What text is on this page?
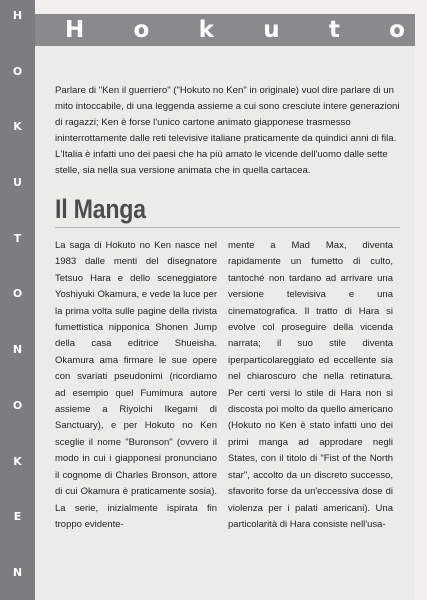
H
O
K
U
T
O
N
O
K
E
N
H o k u t o

Parlare di "Ken il guerriero" ("Hokuto no Ken" in originale) vuol dire parlare di un mito intoccabile, di una leggenda assieme a cui sono cresciute intere generazioni di ragazzi; Ken è forse l'unico cartone animato giapponese trasmesso ininterrottamente dalle reti televisive italiane praticamente da quindici anni di fila. L'Italia è infatti uno dei paesi che ha più amato le vicende dell'uomo dalle sette stelle, sia nella sua versione animata che in quella cartacea.

Il Manga

La saga di Hokuto no Ken nasce nel 1983 dalle menti del disegnatore Tetsuo Hara e dello sceneggiatore Yoshiyuki Okamura, e vede la luce per la prima volta sulle pagine della rivista fumettistica nipponica Shonen Jump della casa editrice Shueisha. Okamura ama firmare le sue opere con svariati pseudonimi (ricordiamo ad esempio quel Fumimura autore assieme a Riyoichi Ikegami di Sanctuary), e per Hokuto no Ken sceglie il nome "Buronson" (ovvero il modo in cui i giapponesi pronunciano il cognome di Charles Bronson, attore di cui Okamura è praticamente sosia). La serie, inizialmente ispirata fin troppo evidente-

mente a Mad Max, diventa rapidamente un fumetto di culto, tantoché non tardano ad arrivare una versione televisiva e una cinematografica. Il tratto di Hara si evolve col proseguire della vicenda narrata; il suo stile diventa iperparticolareggiato ed eccellente sia nel chiaroscuro che nella retinatura. Per certi versi lo stile di Hara non si discosta poi molto da quello americano (Hokuto no Ken è stato infatti uno dei primi manga ad approdare negli States, con il titolo di "Fist of the North star", accolto da un discreto successo, sfavorito forse da un'eccessiva dose di violenza per i palati americani). Una particolarità di Hara consiste nell'usa-
